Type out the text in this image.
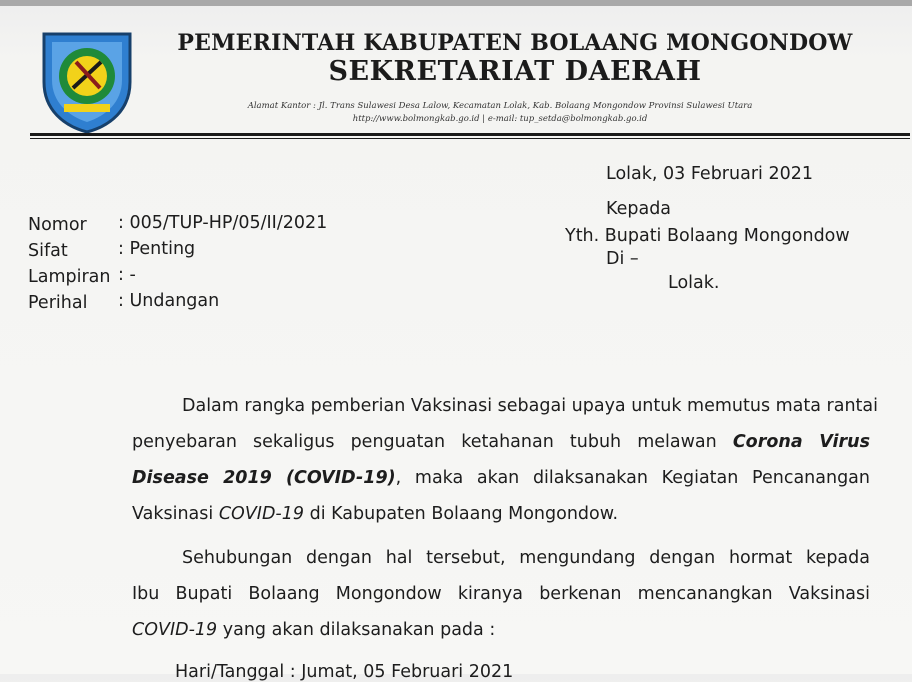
PEMERINTAH KABUPATEN BOLAANG MONGONDOW
SEKRETARIAT DAERAH
Alamat Kantor : Jl. Trans Sulawesi Desa Lalow, Kecamatan Lolak, Kab. Bolaang Mongondow Provinsi Sulawesi Utara
http://www.bolmongkab.go.id | e-mail: tup_setda@bolmongkab.go.id
Lolak, 03 Februari 2021
Kepada
Yth. Bupati Bolaang Mongondow
Di –
Lolak.
Nomor
Sifat
Lampiran
Perihal
: 005/TUP-HP/05/II/2021
: Penting
: -
: Undangan
Dalam rangka pemberian Vaksinasi sebagai upaya untuk memutus mata rantai
penyebaran sekaligus penguatan ketahanan tubuh melawan Corona Virus
Disease 2019 (COVID-19), maka akan dilaksanakan Kegiatan Pencanangan
Vaksinasi COVID-19 di Kabupaten Bolaang Mongondow.
Sehubungan dengan hal tersebut, mengundang dengan hormat kepada
Ibu Bupati Bolaang Mongondow kiranya berkenan mencanangkan Vaksinasi
COVID-19 yang akan dilaksanakan pada :
Hari/Tanggal : Jumat, 05 Februari 2021
